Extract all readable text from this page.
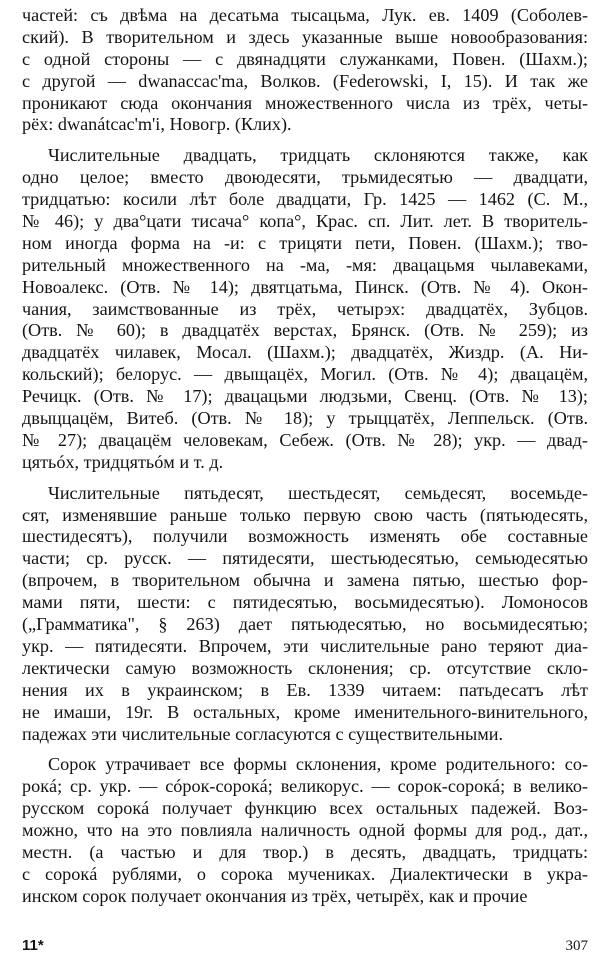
частей: съ двѣма на десатьма тысацьма, Лук. ев. 1409 (Соболев-
ский). В творительном и здесь указанные выше новообразования:
с одной стороны — с двянадцяти служанками, Повен. (Шахм.);
с другой — dwanaccac'ma, Волков. (Federowski, I, 15). И так же
проникают сюда окончания множественного числа из трёх, четы-
рёх: dwanátcac'm'i, Новогр. (Клих).
Числительные двадцать, тридцать склоняются также, как
одно целое; вместо двоюдесяти, трьмидесятью — двадцати,
тридцатью: косили лѣт боле двадцати, Гр. 1425 — 1462 (С. М.,
№ 46); у два°цати тисача° копа°, Крас. сп. Лит. лет. В творитель-
ном иногда форма на -и: с трицяти пети, Повен. (Шахм.); тво-
рительный множественного на -ма, -мя: двацацьмя чылавеками,
Новоалекс. (Отв. № 14); двятцатьма, Пинск. (Отв. № 4). Окон-
чания, заимствованные из трёх, четырэх: двадцатёх, Зубцов.
(Отв. № 60); в двадцатёх верстах, Брянск. (Отв. № 259); из
двадцатёх чилавек, Мосал. (Шахм.); двадцатёх, Жиздр. (А. Ни-
кольский); белорус. — двыщацёх, Могил. (Отв. № 4); двацацём,
Речицк. (Отв. № 17); двацацьми людзьми, Свенц. (Отв. № 13);
двыццацём, Витеб. (Отв. № 18); у трыццатёх, Леппельск. (Отв.
№ 27); двацацём человекам, Себеж. (Отв. № 28); укр. — двад-
цятьóх, тридцятьóм и т. д.
Числительные пятьдесят, шестьдесят, семьдесят, восемьде-
сят, изменявшие раньше только первую свою часть (пятьюдесять,
шестидесятъ), получили возможность изменять обе составные
части; ср. русск. — пятидесяти, шестьюдесятью, семьюдесятью
(впрочем, в творительном обычна и замена пятью, шестью фор-
мами пяти, шести: с пятидесятью, восьмидесятью). Ломоносов
(„Грамматика", § 263) дает пятьюдесятью, но восьмидесятью;
укр. — пятидесяти. Впрочем, эти числительные рано теряют диа-
лектически самую возможность склонения; ср. отсутствие скло-
нения их в украинском; в Ев. 1339 читаем: патьдесатъ лѣт
не имаши, 19г. В остальных, кроме именительного-винительного,
падежах эти числительные согласуются с существительными.
Сорок утрачивает все формы склонения, кроме родительного: со-
рокá; ср. укр. — сóрок-сорокá; великорус. — сорок-сорокá; в велико-
русском сорокá получает функцию всех остальных падежей. Воз-
можно, что на это повлияла наличность одной формы для род., дат.,
местн. (а частью и для твор.) в десять, двадцать, тридцать:
с сорокá рублями, о сорока мучениках. Диалектически в укра-
инском сорок получает окончания из трёх, четырёх, как и прочие
11*	307
